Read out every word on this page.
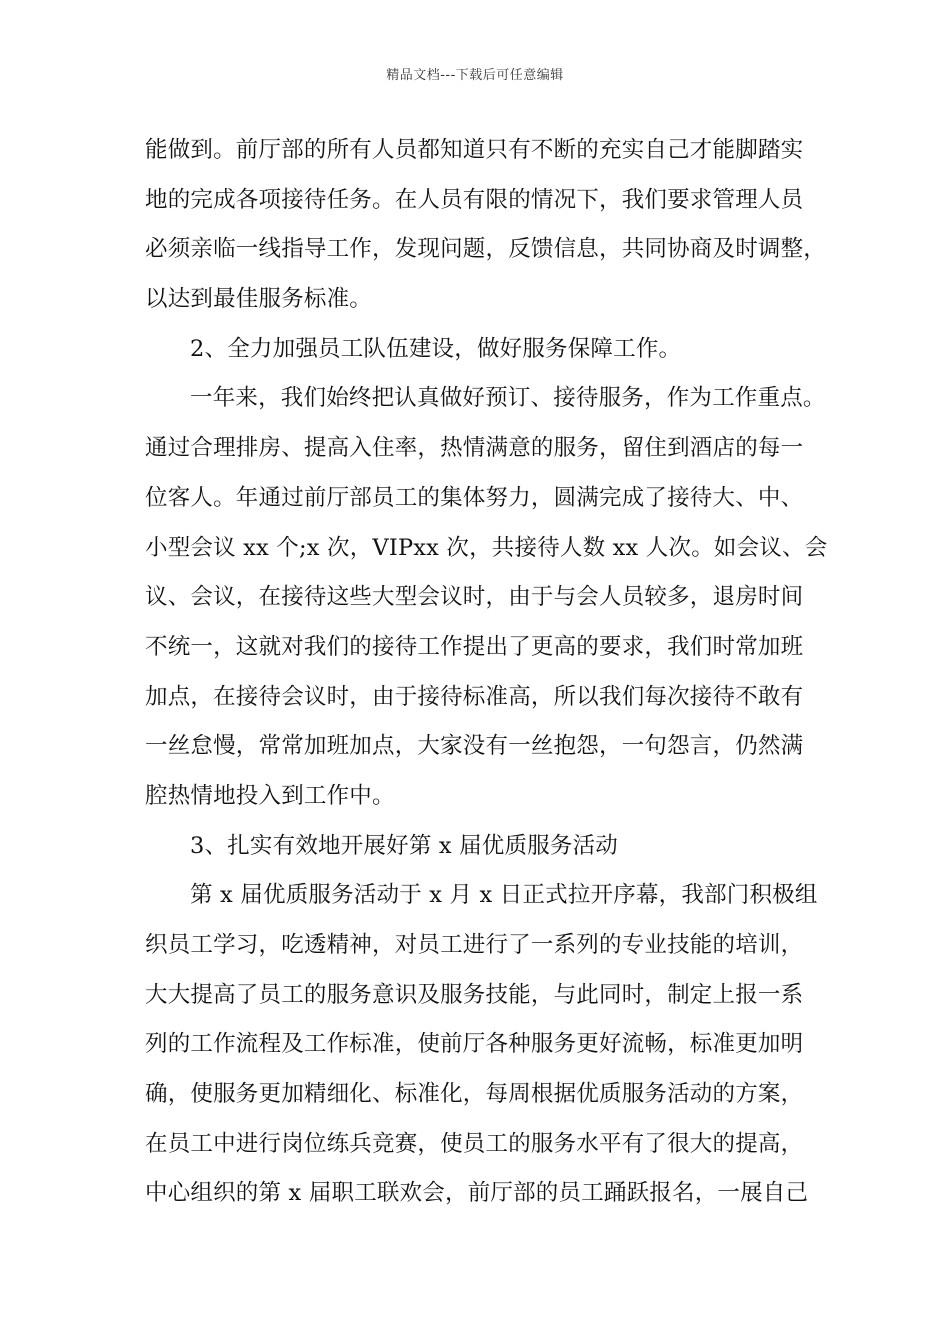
精品文档---下载后可任意编辑
能做到。前厅部的所有人员都知道只有不断的充实自己才能脚踏实
地的完成各项接待任务。在人员有限的情况下，我们要求管理人员
必须亲临一线指导工作，发现问题，反馈信息，共同协商及时调整，
以达到最佳服务标准。
2、全力加强员工队伍建设，做好服务保障工作。
一年来，我们始终把认真做好预订、接待服务，作为工作重点。
通过合理排房、提高入住率，热情满意的服务，留住到酒店的每一
位客人。年通过前厅部员工的集体努力，圆满完成了接待大、中、
小型会议 xx 个;x 次，VIPxx 次，共接待人数 xx 人次。如会议、会
议、会议，在接待这些大型会议时，由于与会人员较多，退房时间
不统一，这就对我们的接待工作提出了更高的要求，我们时常加班
加点，在接待会议时，由于接待标准高，所以我们每次接待不敢有
一丝怠慢，常常加班加点，大家没有一丝抱怨，一句怨言，仍然满
腔热情地投入到工作中。
3、扎实有效地开展好第 x 届优质服务活动
第 x 届优质服务活动于 x 月 x 日正式拉开序幕，我部门积极组
织员工学习，吃透精神，对员工进行了一系列的专业技能的培训，
大大提高了员工的服务意识及服务技能，与此同时，制定上报一系
列的工作流程及工作标准，使前厅各种服务更好流畅，标准更加明
确，使服务更加精细化、标准化，每周根据优质服务活动的方案，
在员工中进行岗位练兵竞赛，使员工的服务水平有了很大的提高，
中心组织的第 x 届职工联欢会，前厅部的员工踊跃报名，一展自己
